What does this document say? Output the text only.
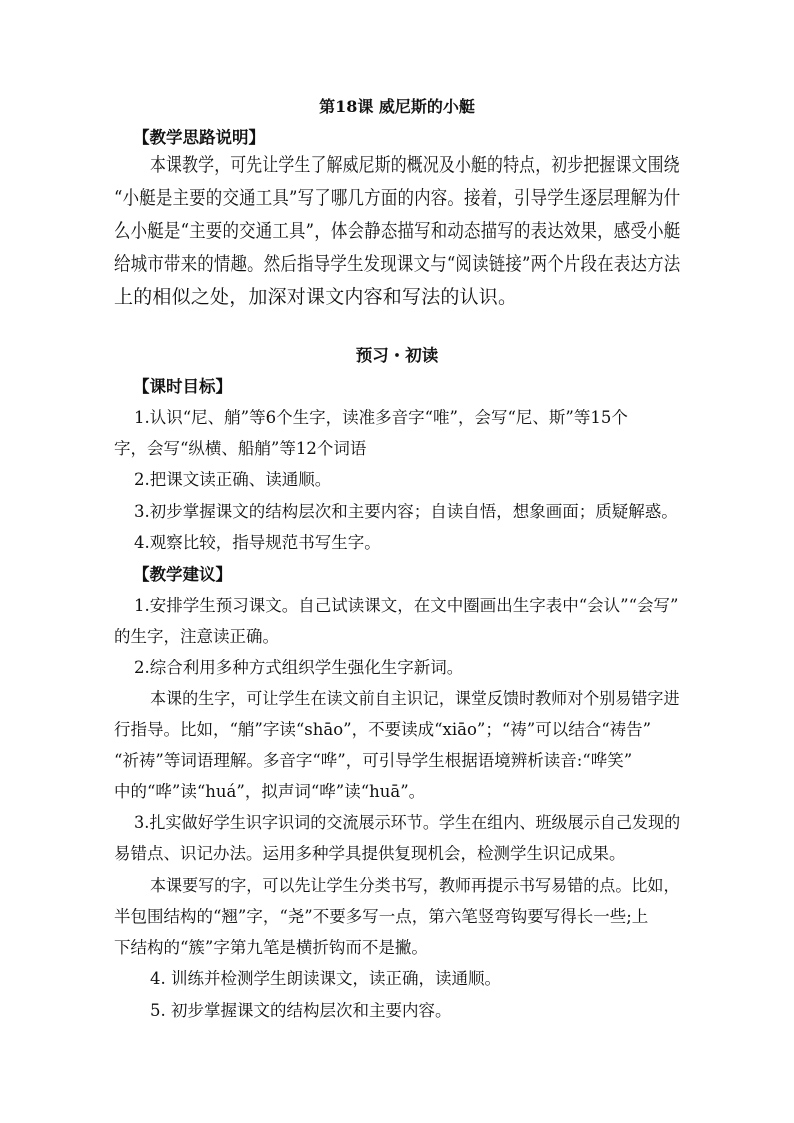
第18课 威尼斯的小艇
【教学思路说明】
本课教学，可先让学生了解威尼斯的概况及小艇的特点，初步把握课文围绕
“小艇是主要的交通工具”写了哪几方面的内容。接着，引导学生逐层理解为什
么小艇是“主要的交通工具”，体会静态描写和动态描写的表达效果，感受小艇
给城市带来的情趣。然后指导学生发现课文与“阅读链接”两个片段在表达方法
上的相似之处，加深对课文内容和写法的认识。
预习・初读
【课时目标】
1.认识“尼、艄”等6个生字，读准多音字“唯”，会写“尼、斯”等15个
字，会写“纵横、船艄”等12个词语
2.把课文读正确、读通顺。
3.初步掌握课文的结构层次和主要内容；自读自悟，想象画面；质疑解惑。
4.观察比较，指导规范书写生字。
【教学建议】
1.安排学生预习课文。自己试读课文，在文中圈画出生字表中“会认”“会写”
的生字，注意读正确。
2.综合利用多种方式组织学生强化生字新词。
本课的生字，可让学生在读文前自主识记，课堂反馈时教师对个别易错字进
行指导。比如，“艄”字读“shāo”，不要读成“xiāo”；“祷”可以结合“祷告”
“祈祷”等词语理解。多音字“哗”，可引导学生根据语境辨析读音:“哗笑”
中的“哗”读“huá”，拟声词“哗”读“huā”。
3.扎实做好学生识字识词的交流展示环节。学生在组内、班级展示自己发现的
易错点、识记办法。运用多种学具提供复现机会，检测学生识记成果。
本课要写的字，可以先让学生分类书写，教师再提示书写易错的点。比如，
半包围结构的“翘”字，“尧”不要多写一点，第六笔竖弯钩要写得长一些;上
下结构的“簇”字第九笔是横折钩而不是撇。
4. 训练并检测学生朗读课文，读正确，读通顺。
5. 初步掌握课文的结构层次和主要内容。
